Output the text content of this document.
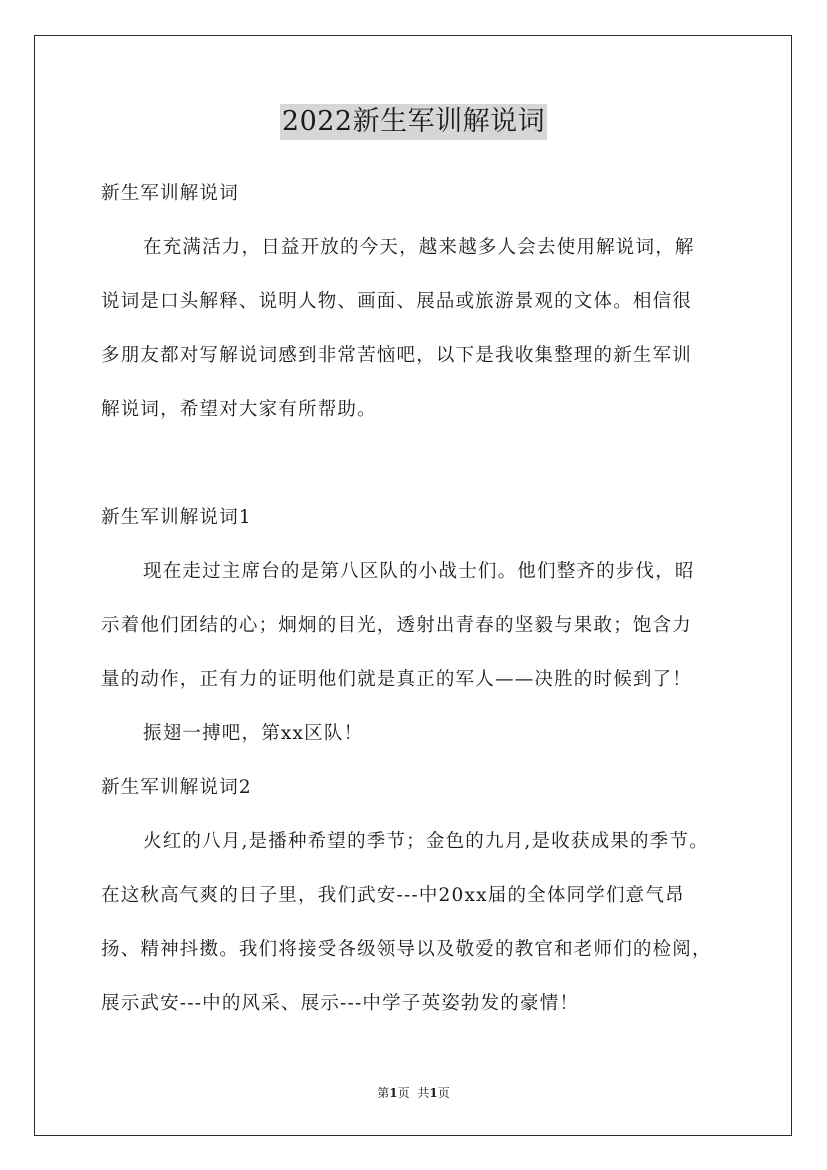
2022新生军训解说词
新生军训解说词
在充满活力，日益开放的今天，越来越多人会去使用解说词，解
说词是口头解释、说明人物、画面、展品或旅游景观的文体。相信很
多朋友都对写解说词感到非常苦恼吧，以下是我收集整理的新生军训
解说词，希望对大家有所帮助。
新生军训解说词1
现在走过主席台的是第八区队的小战士们。他们整齐的步伐，昭
示着他们团结的心；炯炯的目光，透射出青春的坚毅与果敢；饱含力
量的动作，正有力的证明他们就是真正的军人——决胜的时候到了！
振翅一搏吧，第xx区队！
新生军训解说词2
火红的八月,是播种希望的季节；金色的九月,是收获成果的季节。
在这秋高气爽的日子里，我们武安---中20xx届的全体同学们意气昂
扬、精神抖擞。我们将接受各级领导以及敬爱的教官和老师们的检阅，
展示武安---中的风采、展示---中学子英姿勃发的豪情！
第1页 共1页
